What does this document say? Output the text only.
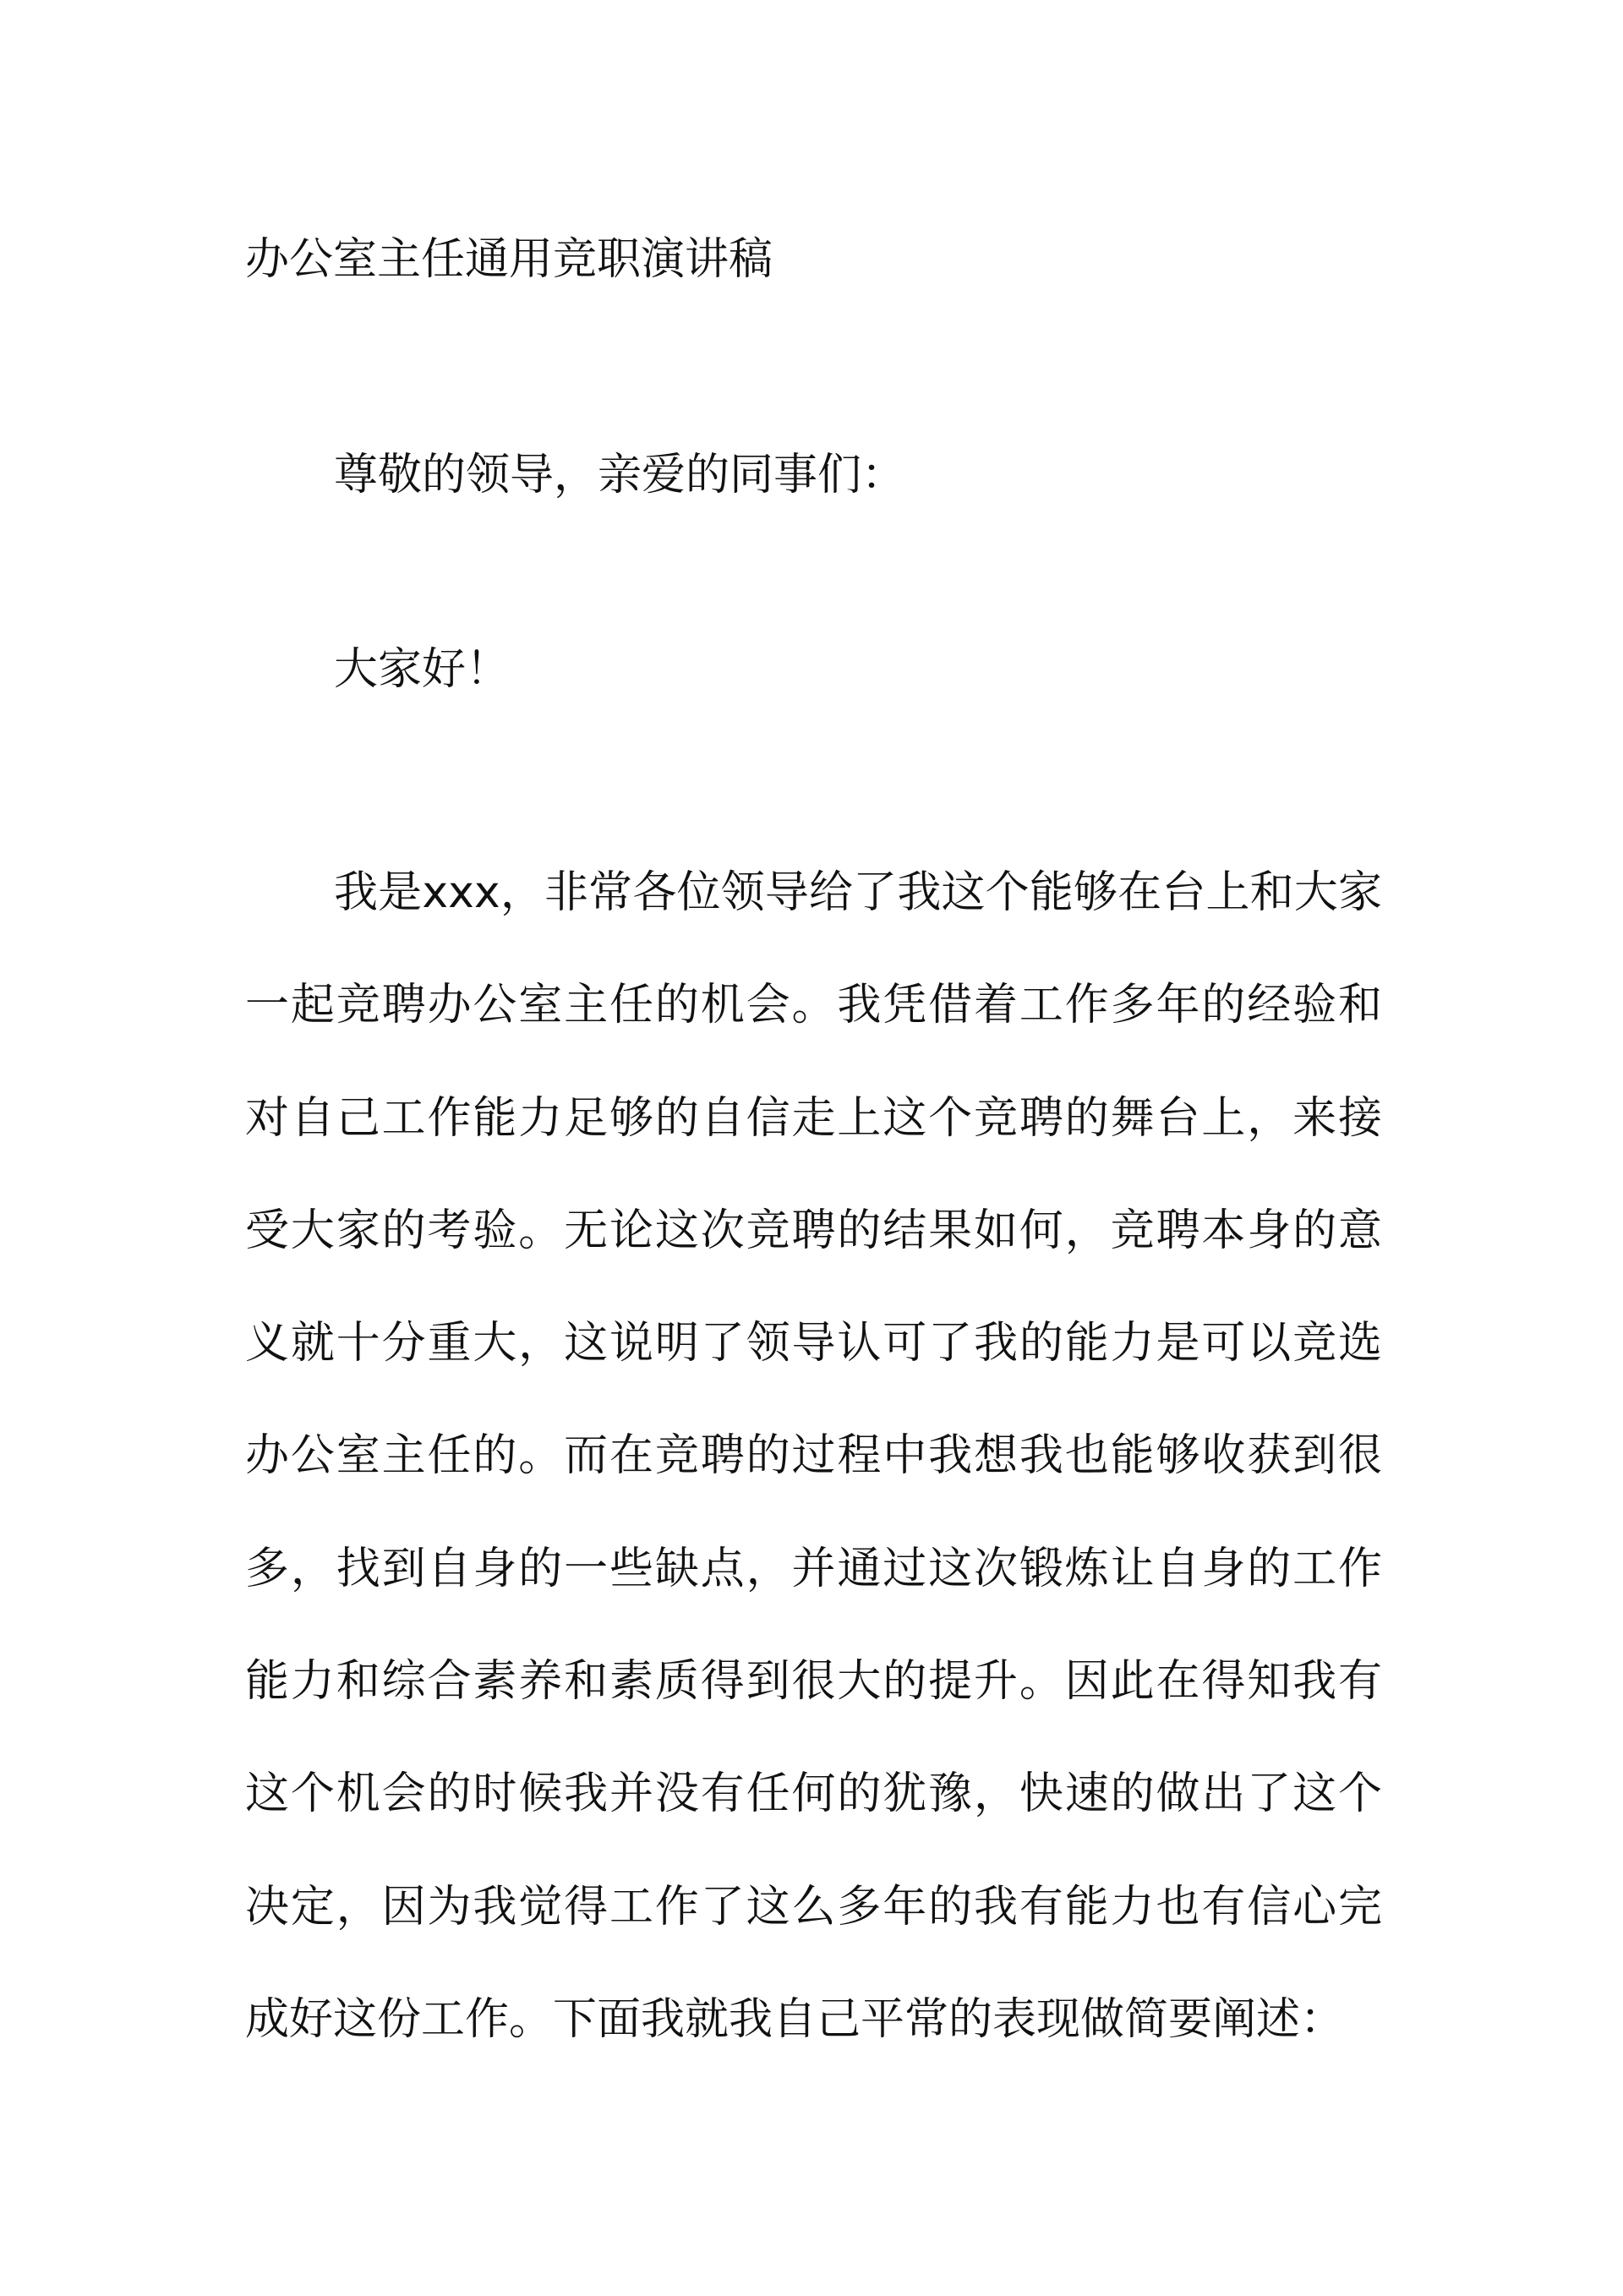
办公室主任通用竞职演讲稿

尊敬的领导，亲爱的同事们：

大家好！

我是xxx，非常各位领导给了我这个能够在台上和大家
一起竞聘办公室主任的机会。我凭借着工作多年的经验和
对自己工作能力足够的自信走上这个竞聘的舞台上，来接
受大家的考验。无论这次竞聘的结果如何，竞聘本身的意
义就十分重大，这说明了领导认可了我的能力是可以竞选
办公室主任的。而在竞聘的过程中我想我也能够收获到很
多，找到自身的一些缺点，并通过这次锻炼让自身的工作
能力和综合素养和素质得到很大的提升。因此在得知我有
这个机会的时候我并没有任何的犹豫，快速的做出了这个
决定，因为我觉得工作了这么多年的我有能力也有信心完
成好这份工作。下面我就我自己平常的表现做简要阐述：
